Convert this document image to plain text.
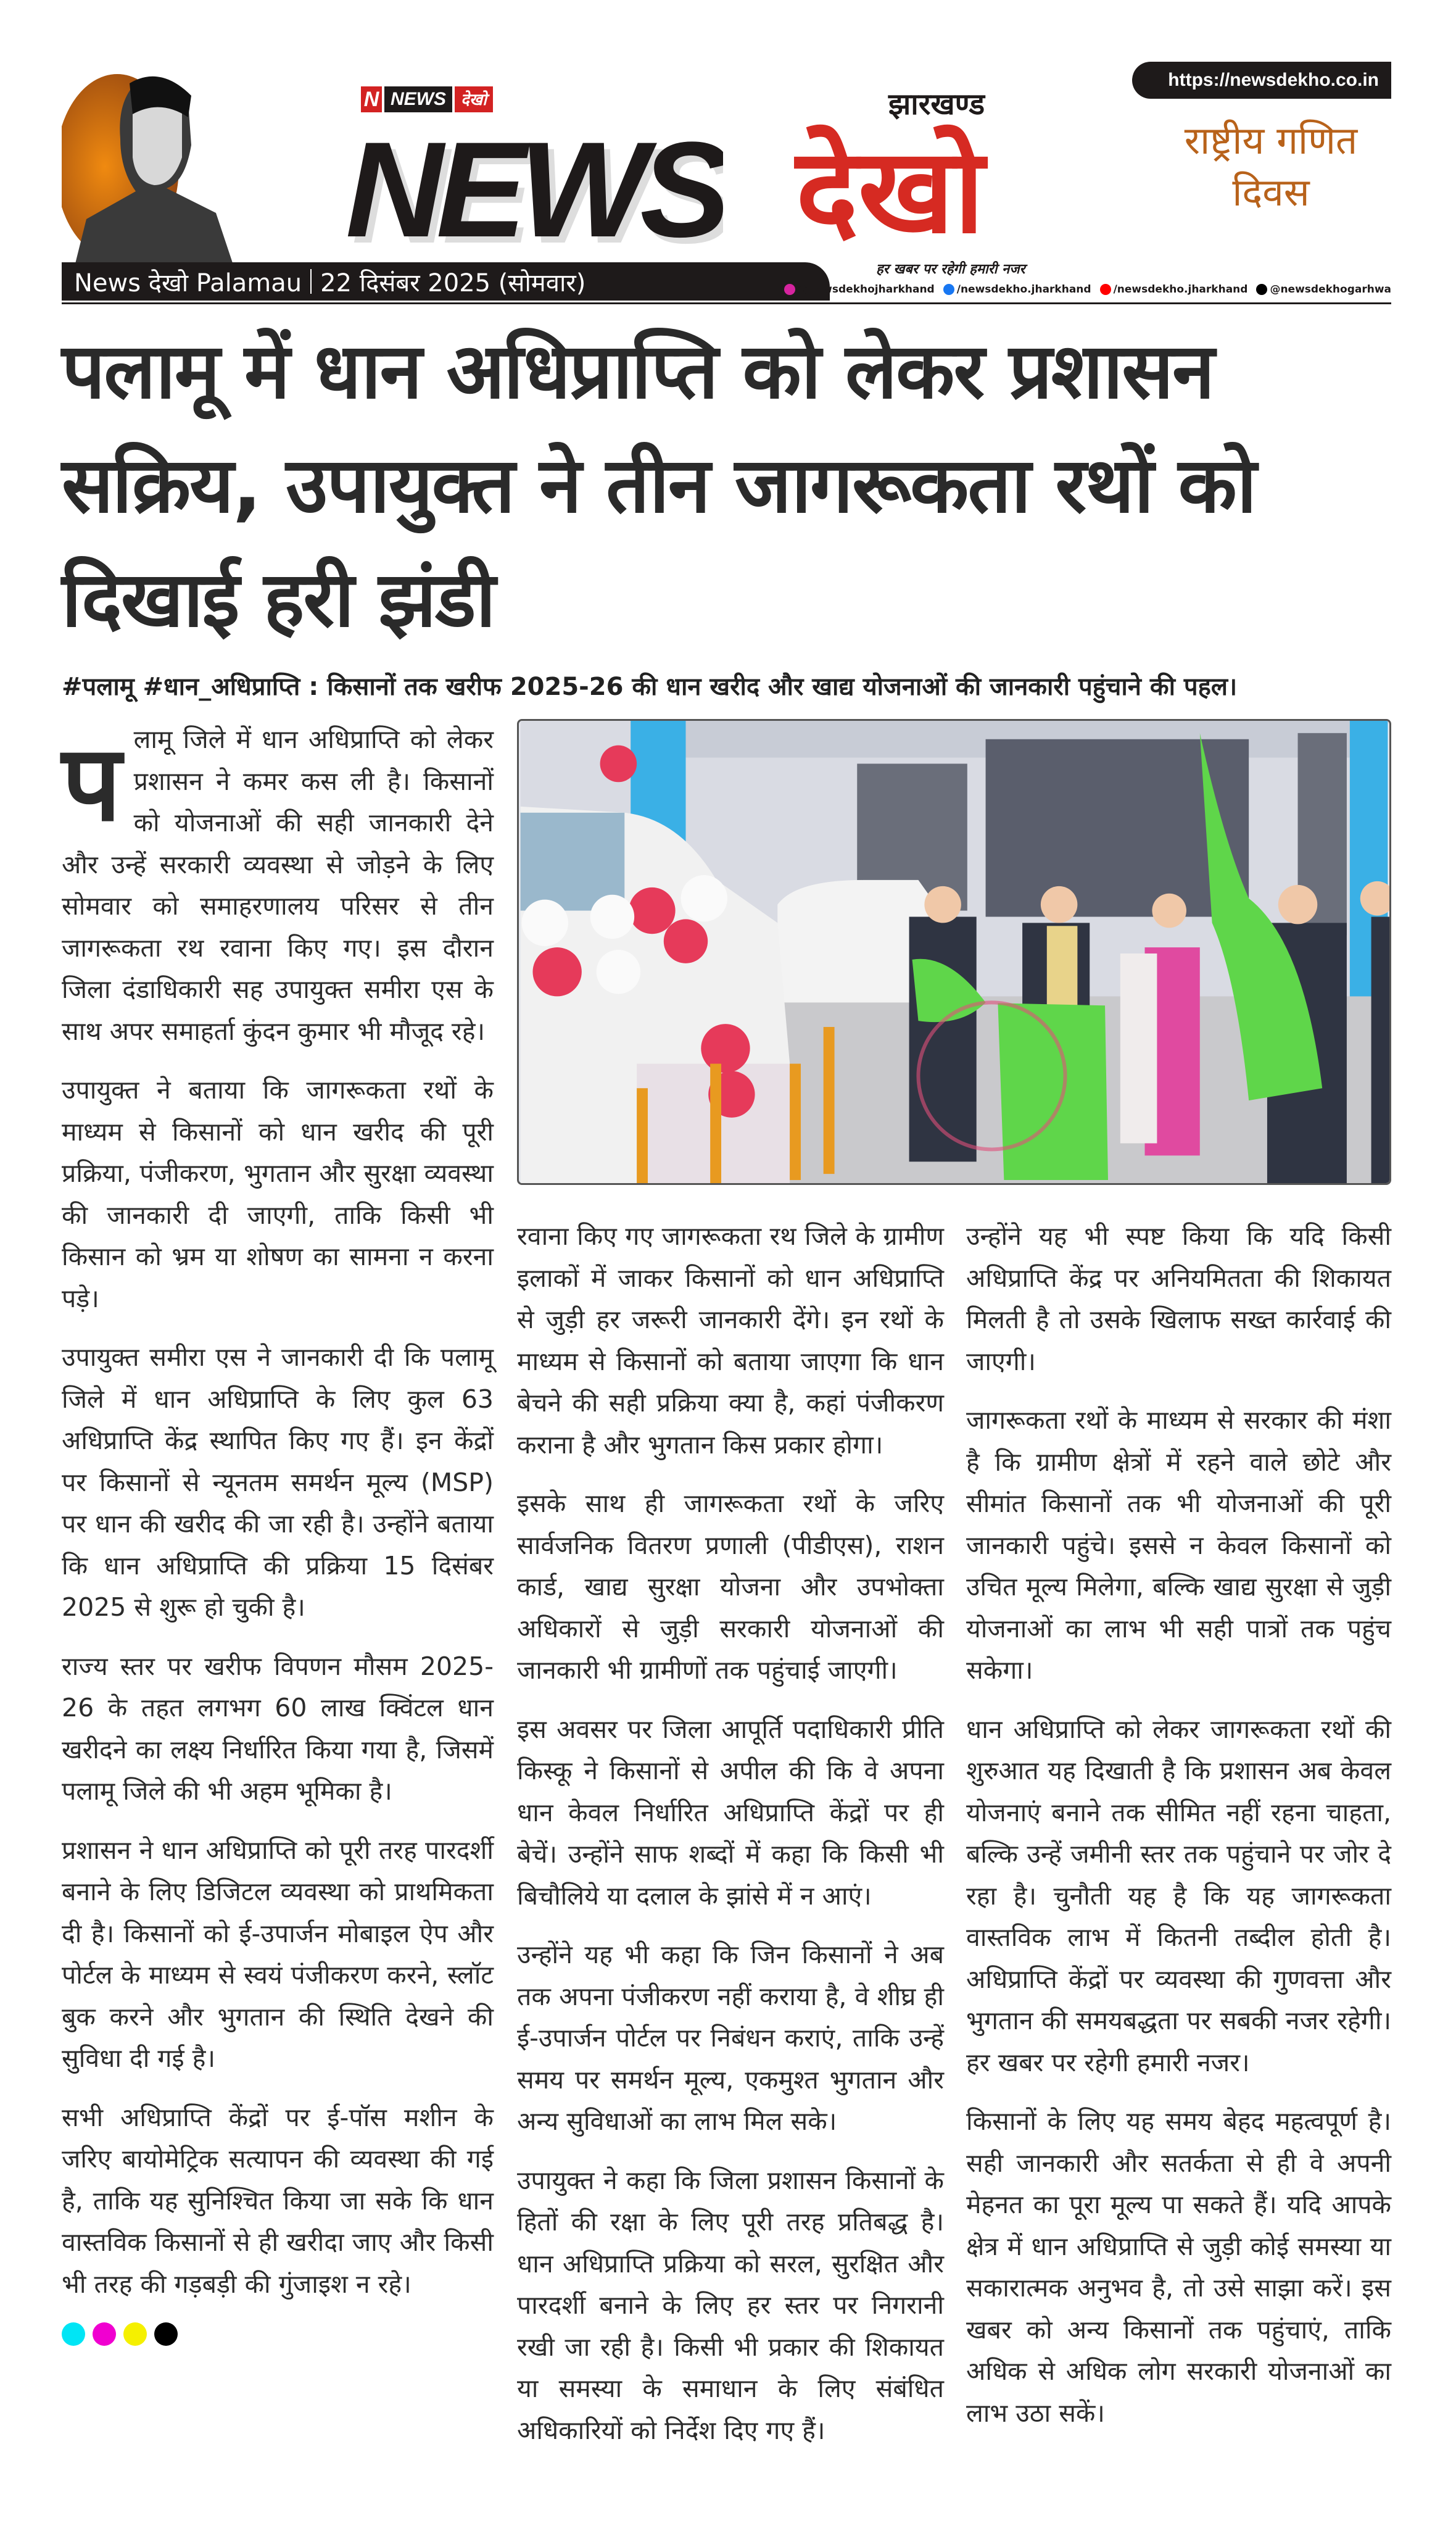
https://newsdekho.co.in
N NEWS देखो	झारखण्ड
NEWS देखो
हर खबर पर रहेगी हमारी नजर
राष्ट्रीय गणित दिवस
News देखो Palamau 22 दिसंबर 2025 (सोमवार)	@newsdekhojharkhand /newsdekho.jharkhand /newsdekho.jharkhand @newsdekhogarhwa
पलामू में धान अधिप्राप्ति को लेकर प्रशासन सक्रिय, उपायुक्त ने तीन जागरूकता रथों को दिखाई हरी झंडी
#पलामू #धान_अधिप्राप्ति : किसानों तक खरीफ 2025-26 की धान खरीद और खाद्य योजनाओं की जानकारी पहुंचाने की पहल।

पलामू जिले में धान अधिप्राप्ति को लेकर प्रशासन ने कमर कस ली है। किसानों को योजनाओं की सही जानकारी देने और उन्हें सरकारी व्यवस्था से जोड़ने के लिए सोमवार को समाहरणालय परिसर से तीन जागरूकता रथ रवाना किए गए। इस दौरान जिला दंडाधिकारी सह उपायुक्त समीरा एस के साथ अपर समाहर्ता कुंदन कुमार भी मौजूद रहे।

उपायुक्त ने बताया कि जागरूकता रथों के माध्यम से किसानों को धान खरीद की पूरी प्रक्रिया, पंजीकरण, भुगतान और सुरक्षा व्यवस्था की जानकारी दी जाएगी, ताकि किसी भी किसान को भ्रम या शोषण का सामना न करना पड़े।

उपायुक्त समीरा एस ने जानकारी दी कि पलामू जिले में धान अधिप्राप्ति के लिए कुल 63 अधिप्राप्ति केंद्र स्थापित किए गए हैं। इन केंद्रों पर किसानों से न्यूनतम समर्थन मूल्य (MSP) पर धान की खरीद की जा रही है। उन्होंने बताया कि धान अधिप्राप्ति की प्रक्रिया 15 दिसंबर 2025 से शुरू हो चुकी है।

राज्य स्तर पर खरीफ विपणन मौसम 2025-26 के तहत लगभग 60 लाख क्विंटल धान खरीदने का लक्ष्य निर्धारित किया गया है, जिसमें पलामू जिले की भी अहम भूमिका है।

प्रशासन ने धान अधिप्राप्ति को पूरी तरह पारदर्शी बनाने के लिए डिजिटल व्यवस्था को प्राथमिकता दी है। किसानों को ई-उपार्जन मोबाइल ऐप और पोर्टल के माध्यम से स्वयं पंजीकरण करने, स्लॉट बुक करने और भुगतान की स्थिति देखने की सुविधा दी गई है।

सभी अधिप्राप्ति केंद्रों पर ई-पॉस मशीन के जरिए बायोमेट्रिक सत्यापन की व्यवस्था की गई है, ताकि यह सुनिश्चित किया जा सके कि धान वास्तविक किसानों से ही खरीदा जाए और किसी भी तरह की गड़बड़ी की गुंजाइश न रहे।

रवाना किए गए जागरूकता रथ जिले के ग्रामीण इलाकों में जाकर किसानों को धान अधिप्राप्ति से जुड़ी हर जरूरी जानकारी देंगे। इन रथों के माध्यम से किसानों को बताया जाएगा कि धान बेचने की सही प्रक्रिया क्या है, कहां पंजीकरण कराना है और भुगतान किस प्रकार होगा।

इसके साथ ही जागरूकता रथों के जरिए सार्वजनिक वितरण प्रणाली (पीडीएस), राशन कार्ड, खाद्य सुरक्षा योजना और उपभोक्ता अधिकारों से जुड़ी सरकारी योजनाओं की जानकारी भी ग्रामीणों तक पहुंचाई जाएगी।

इस अवसर पर जिला आपूर्ति पदाधिकारी प्रीति किस्कू ने किसानों से अपील की कि वे अपना धान केवल निर्धारित अधिप्राप्ति केंद्रों पर ही बेचें। उन्होंने साफ शब्दों में कहा कि किसी भी बिचौलिये या दलाल के झांसे में न आएं।

उन्होंने यह भी कहा कि जिन किसानों ने अब तक अपना पंजीकरण नहीं कराया है, वे शीघ्र ही ई-उपार्जन पोर्टल पर निबंधन कराएं, ताकि उन्हें समय पर समर्थन मूल्य, एकमुश्त भुगतान और अन्य सुविधाओं का लाभ मिल सके।

उपायुक्त ने कहा कि जिला प्रशासन किसानों के हितों की रक्षा के लिए पूरी तरह प्रतिबद्ध है। धान अधिप्राप्ति प्रक्रिया को सरल, सुरक्षित और पारदर्शी बनाने के लिए हर स्तर पर निगरानी रखी जा रही है। किसी भी प्रकार की शिकायत या समस्या के समाधान के लिए संबंधित अधिकारियों को निर्देश दिए गए हैं।

उन्होंने यह भी स्पष्ट किया कि यदि किसी अधिप्राप्ति केंद्र पर अनियमितता की शिकायत मिलती है तो उसके खिलाफ सख्त कार्रवाई की जाएगी।

जागरूकता रथों के माध्यम से सरकार की मंशा है कि ग्रामीण क्षेत्रों में रहने वाले छोटे और सीमांत किसानों तक भी योजनाओं की पूरी जानकारी पहुंचे। इससे न केवल किसानों को उचित मूल्य मिलेगा, बल्कि खाद्य सुरक्षा से जुड़ी योजनाओं का लाभ भी सही पात्रों तक पहुंच सकेगा।

धान अधिप्राप्ति को लेकर जागरूकता रथों की शुरुआत यह दिखाती है कि प्रशासन अब केवल योजनाएं बनाने तक सीमित नहीं रहना चाहता, बल्कि उन्हें जमीनी स्तर तक पहुंचाने पर जोर दे रहा है। चुनौती यह है कि यह जागरूकता वास्तविक लाभ में कितनी तब्दील होती है। अधिप्राप्ति केंद्रों पर व्यवस्था की गुणवत्ता और भुगतान की समयबद्धता पर सबकी नजर रहेगी। हर खबर पर रहेगी हमारी नजर।

किसानों के लिए यह समय बेहद महत्वपूर्ण है। सही जानकारी और सतर्कता से ही वे अपनी मेहनत का पूरा मूल्य पा सकते हैं। यदि आपके क्षेत्र में धान अधिप्राप्ति से जुड़ी कोई समस्या या सकारात्मक अनुभव है, तो उसे साझा करें। इस खबर को अन्य किसानों तक पहुंचाएं, ताकि अधिक से अधिक लोग सरकारी योजनाओं का लाभ उठा सकें।
